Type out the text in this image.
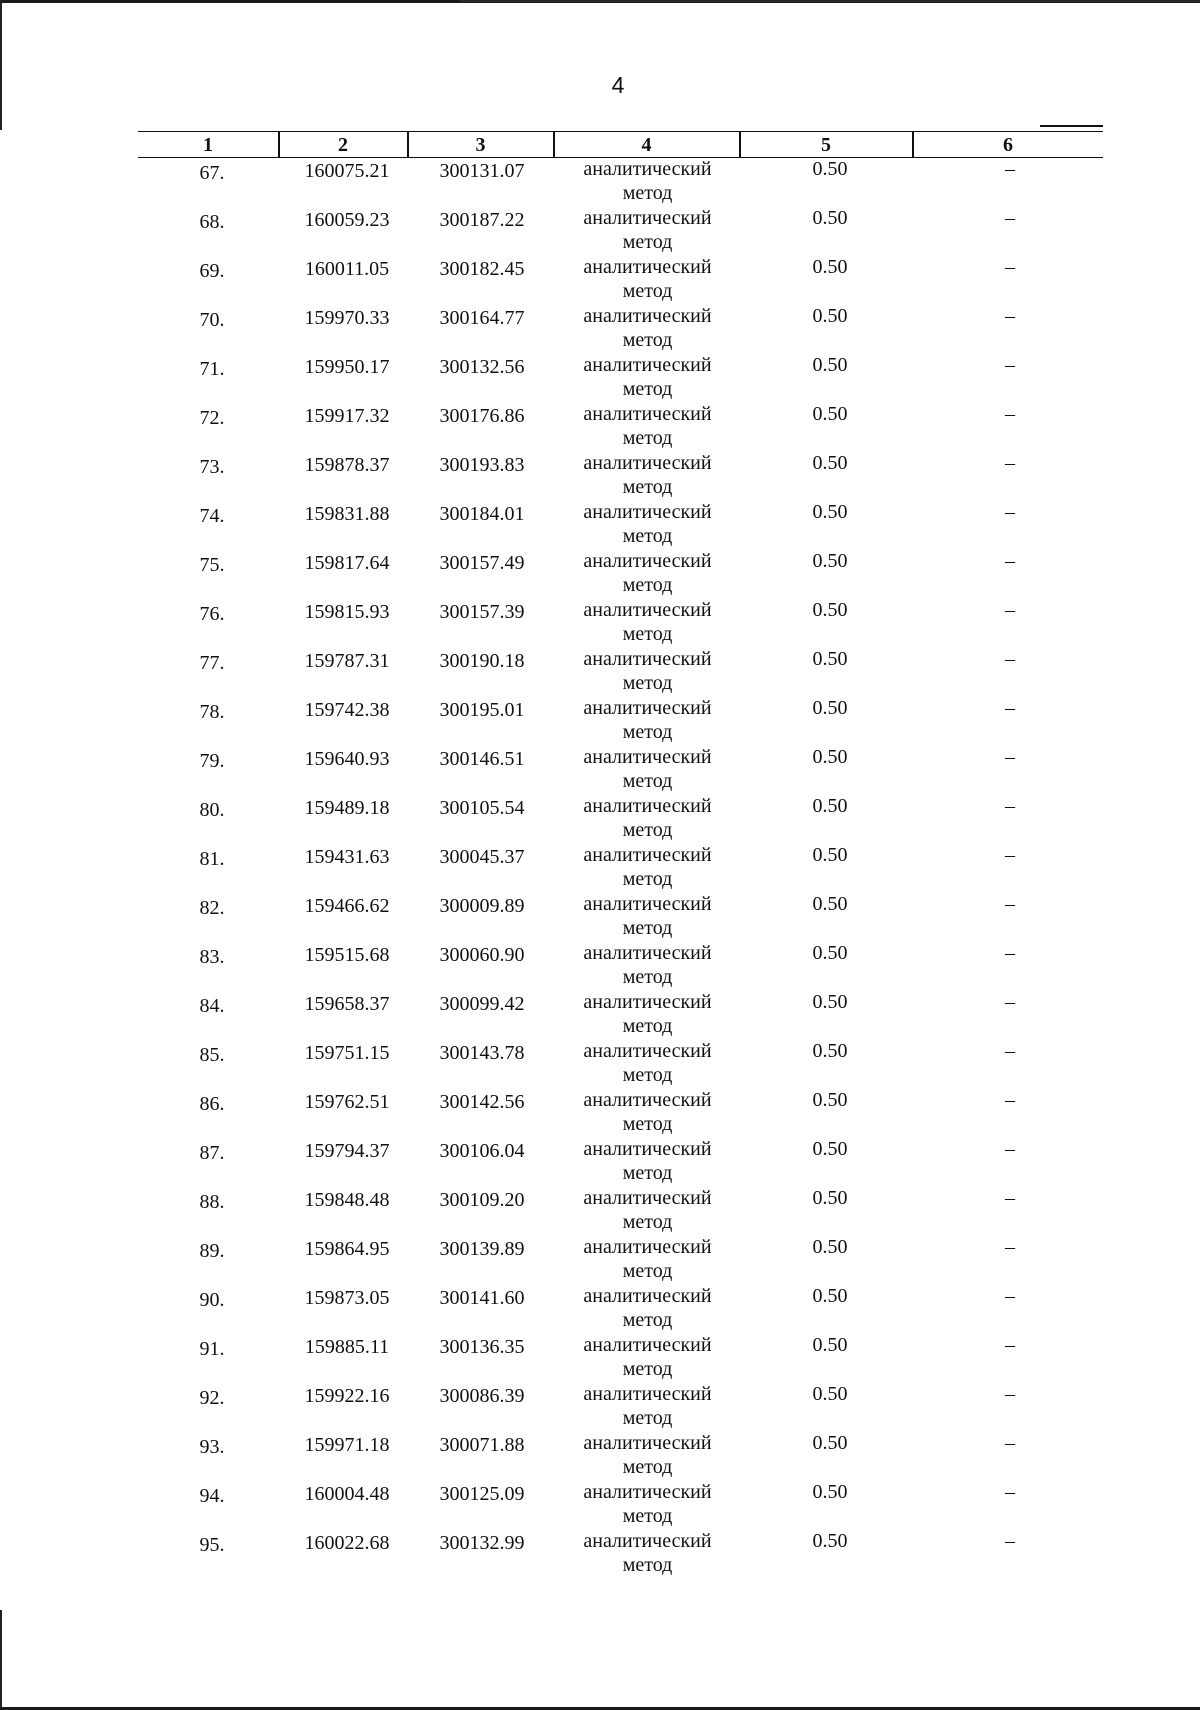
4
1	2	3	4	5	6
67.	160075.21	300131.07	аналитический
метод
0.50	–
68.	160059.23	300187.22	аналитический
метод
0.50	–
69.	160011.05	300182.45	аналитический
метод
0.50	–
70.	159970.33	300164.77	аналитический
метод
0.50	–
71.	159950.17	300132.56	аналитический
метод
0.50	–
72.	159917.32	300176.86	аналитический
метод
0.50	–
73.	159878.37	300193.83	аналитический
метод
0.50	–
74.	159831.88	300184.01	аналитический
метод
0.50	–
75.	159817.64	300157.49	аналитический
метод
0.50	–
76.	159815.93	300157.39	аналитический
метод
0.50	–
77.	159787.31	300190.18	аналитический
метод
0.50	–
78.	159742.38	300195.01	аналитический
метод
0.50	–
79.	159640.93	300146.51	аналитический
метод
0.50	–
80.	159489.18	300105.54	аналитический
метод
0.50	–
81.	159431.63	300045.37	аналитический
метод
0.50	–
82.	159466.62	300009.89	аналитический
метод
0.50	–
83.	159515.68	300060.90	аналитический
метод
0.50	–
84.	159658.37	300099.42	аналитический
метод
0.50	–
85.	159751.15	300143.78	аналитический
метод
0.50	–
86.	159762.51	300142.56	аналитический
метод
0.50	–
87.	159794.37	300106.04	аналитический
метод
0.50	–
88.	159848.48	300109.20	аналитический
метод
0.50	–
89.	159864.95	300139.89	аналитический
метод
0.50	–
90.	159873.05	300141.60	аналитический
метод
0.50	–
91.	159885.11	300136.35	аналитический
метод
0.50	–
92.	159922.16	300086.39	аналитический
метод
0.50	–
93.	159971.18	300071.88	аналитический
метод
0.50	–
94.	160004.48	300125.09	аналитический
метод
0.50	–
95.	160022.68	300132.99	аналитический
метод
0.50	–
